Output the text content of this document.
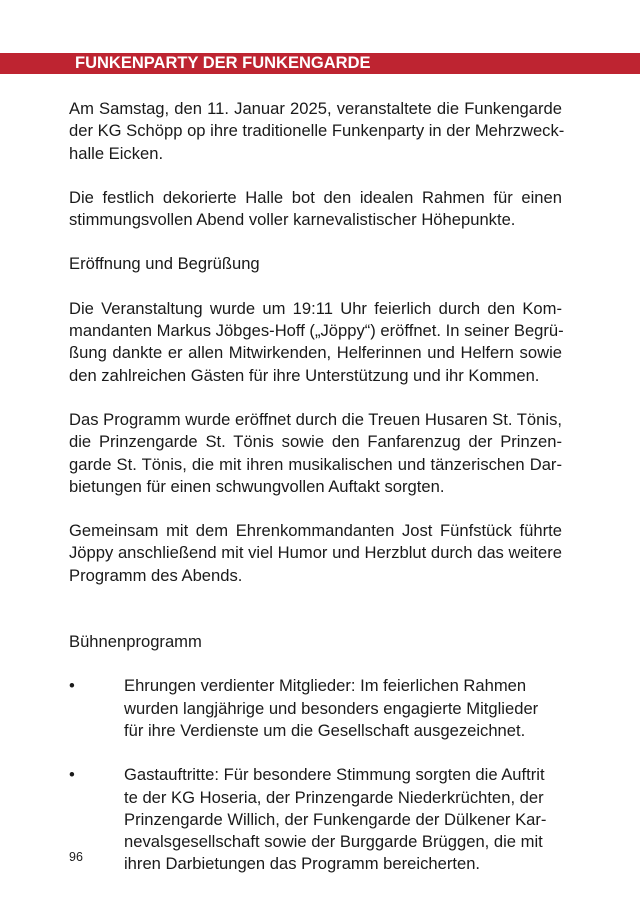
FUNKENPARTY DER FUNKENGARDE

Am Samstag, den 11. Januar 2025, veranstaltete die Funkengarde
der KG Schöpp op ihre traditionelle Funkenparty in der Mehrzweck-
halle Eicken.

Die festlich dekorierte Halle bot den idealen Rahmen für einen
stimmungsvollen Abend voller karnevalistischer Höhepunkte.

Eröffnung und Begrüßung

Die Veranstaltung wurde um 19:11 Uhr feierlich durch den Kom-
mandanten Markus Jöbges-Hoff („Jöppy“) eröffnet. In seiner Begrü-
ßung dankte er allen Mitwirkenden, Helferinnen und Helfern sowie
den zahlreichen Gästen für ihre Unterstützung und ihr Kommen.

Das Programm wurde eröffnet durch die Treuen Husaren St. Tönis,
die Prinzengarde St. Tönis sowie den Fanfarenzug der Prinzen-
garde St. Tönis, die mit ihren musikalischen und tänzerischen Dar-
bietungen für einen schwungvollen Auftakt sorgten.

Gemeinsam mit dem Ehrenkommandanten Jost Fünfstück führte
Jöppy anschließend mit viel Humor und Herzblut durch das weitere
Programm des Abends.

Bühnenprogramm

•	Ehrungen verdienter Mitglieder: Im feierlichen Rahmen
wurden langjährige und besonders engagierte Mitglieder
für ihre Verdienste um die Gesellschaft ausgezeichnet.

•	Gastauftritte: Für besondere Stimmung sorgten die Auftrit
te der KG Hoseria, der Prinzengarde Niederkrüchten, der
Prinzengarde Willich, der Funkengarde der Dülkener Kar-
nevalsgesellschaft sowie der Burggarde Brüggen, die mit
ihren Darbietungen das Programm bereicherten.

96
